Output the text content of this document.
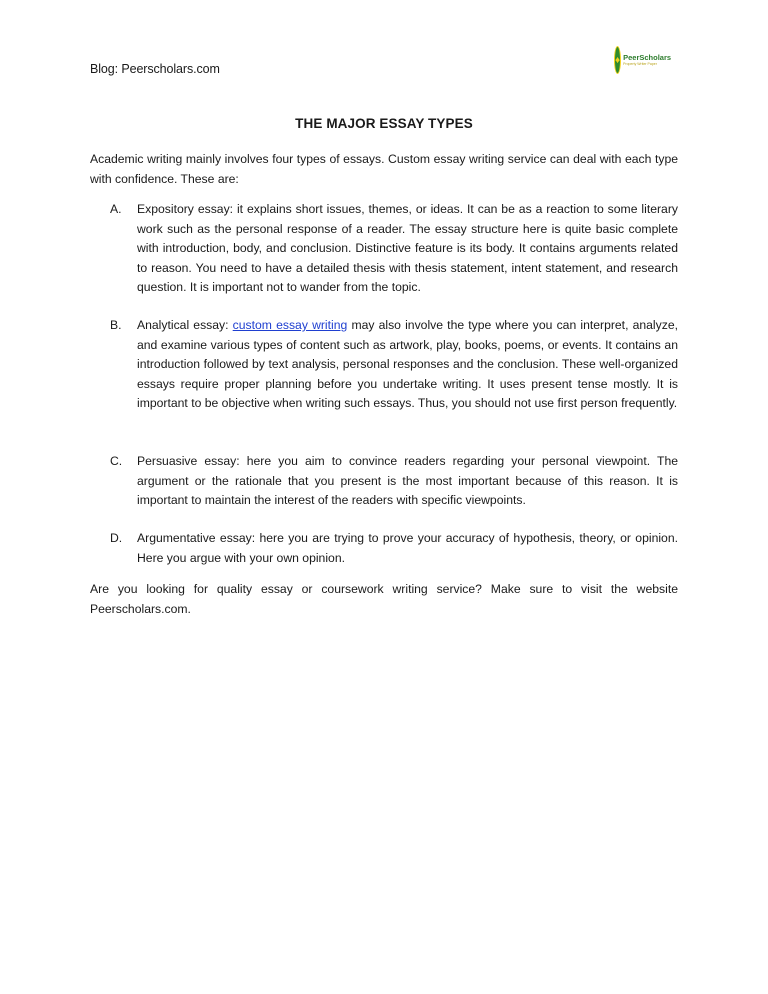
Blog: Peerscholars.com
♦ PeerScholars
Property Writer Paper
THE MAJOR ESSAY TYPES
Academic writing mainly involves four types of essays. Custom essay writing service can deal with each type with confidence. These are:
A. Expository essay: it explains short issues, themes, or ideas. It can be as a reaction to some literary work such as the personal response of a reader. The essay structure here is quite basic complete with introduction, body, and conclusion. Distinctive feature is its body. It contains arguments related to reason. You need to have a detailed thesis with thesis statement, intent statement, and research question. It is important not to wander from the topic.
B. Analytical essay: custom essay writing may also involve the type where you can interpret, analyze, and examine various types of content such as artwork, play, books, poems, or events. It contains an introduction followed by text analysis, personal responses and the conclusion. These well-organized essays require proper planning before you undertake writing. It uses present tense mostly. It is important to be objective when writing such essays. Thus, you should not use first person frequently.
C. Persuasive essay: here you aim to convince readers regarding your personal viewpoint. The argument or the rationale that you present is the most important because of this reason. It is important to maintain the interest of the readers with specific viewpoints.
D. Argumentative essay: here you are trying to prove your accuracy of hypothesis, theory, or opinion. Here you argue with your own opinion.
Are you looking for quality essay or coursework writing service? Make sure to visit the website Peerscholars.com.
